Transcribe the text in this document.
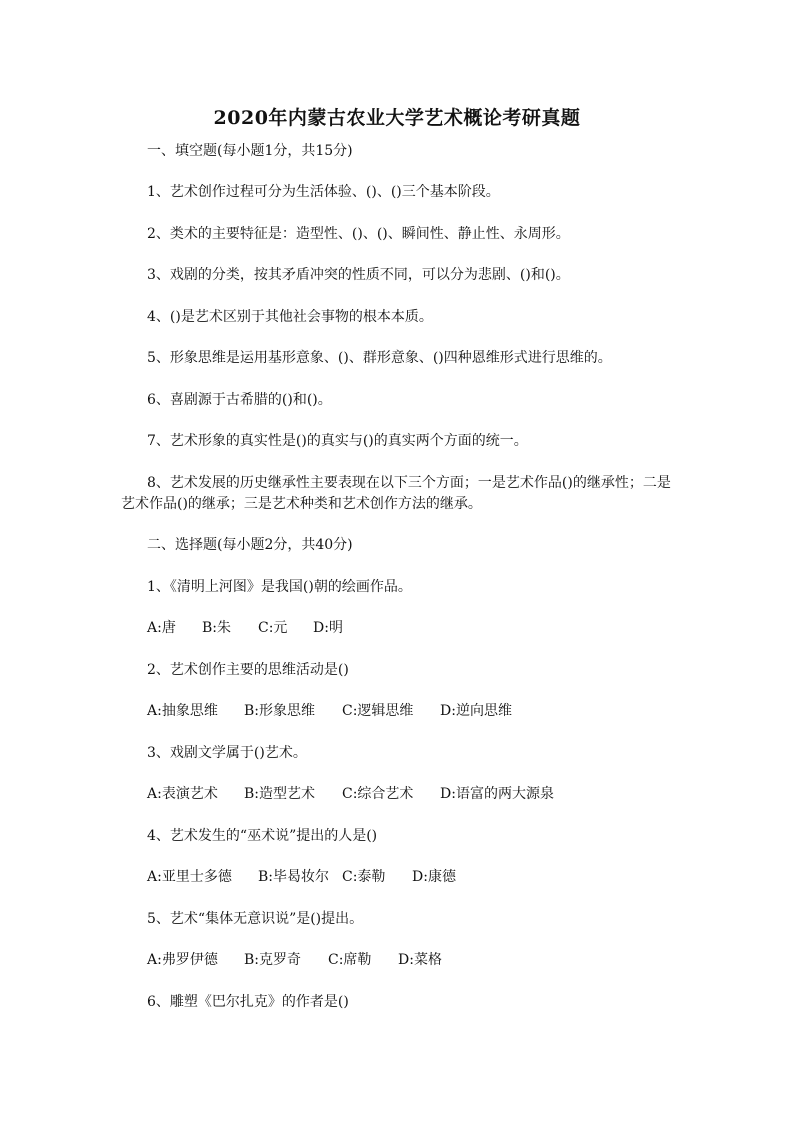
2020年内蒙古农业大学艺术概论考研真题
一、填空题(每小题1分，共15分)
1、艺术创作过程可分为生活体验、()、()三个基本阶段。
2、类术的主要特征是：造型性、()、()、瞬间性、静止性、永周形。
3、戏剧的分类，按其矛盾冲突的性质不同，可以分为悲剧、()和()。
4、()是艺术区别于其他社会事物的根本本质。
5、形象思维是运用基形意象、()、群形意象、()四种恩维形式进行思维的。
6、喜剧源于古希腊的()和()。
7、艺术形象的真实性是()的真实与()的真实两个方面的统一。
8、艺术发展的历史继承性主要表现在以下三个方面；一是艺术作品()的继承性；二是
艺术作品()的继承；三是艺术种类和艺术创作方法的继承。
二、选择题(每小题2分，共40分)
1、《清明上河图》是我国()朝的绘画作品。
A:唐 B:朱 C:元 D:明
2、艺术创作主要的思维活动是()
A:抽象思维 B:形象思维 C:逻辑思维 D:逆向思维
3、戏剧文学属于()艺术。
A:表演艺术 B:造型艺术 C:综合艺术 D:语富的两大源泉
4、艺术发生的“巫术说”提出的人是()
A:亚里士多德 B:毕曷妆尔 C:泰勒 D:康德
5、艺术“集体无意识说”是()提出。
A:弗罗伊德 B:克罗奇 C:席勒 D:菜格
6、雕塑《巴尔扎克》的作者是()
